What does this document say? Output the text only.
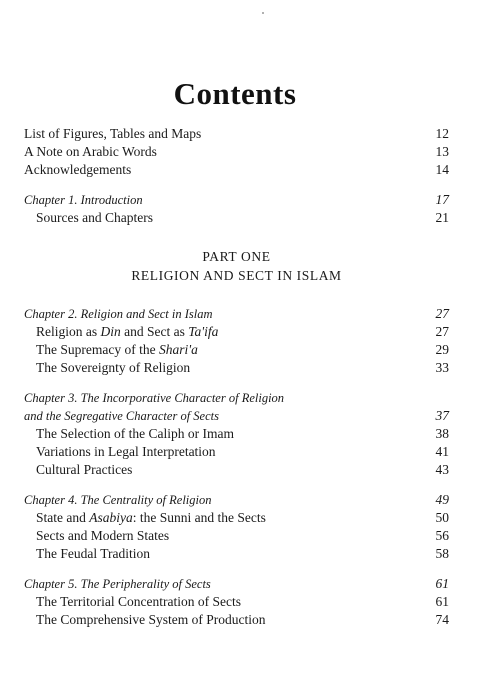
Contents
List of Figures, Tables and Maps	12
A Note on Arabic Words	13
Acknowledgements	14
Chapter 1. Introduction	17
Sources and Chapters	21
PART ONE
RELIGION AND SECT IN ISLAM
Chapter 2. Religion and Sect in Islam	27
Religion as Din and Sect as Ta'ifa	27
The Supremacy of the Shari'a	29
The Sovereignty of Religion	33
Chapter 3. The Incorporative Character of Religion
and the Segregative Character of Sects	37
The Selection of the Caliph or Imam	38
Variations in Legal Interpretation	41
Cultural Practices	43
Chapter 4. The Centrality of Religion	49
State and Asabiya: the Sunni and the Sects	50
Sects and Modern States	56
The Feudal Tradition	58
Chapter 5. The Peripherality of Sects	61
The Territorial Concentration of Sects	61
The Comprehensive System of Production	74
